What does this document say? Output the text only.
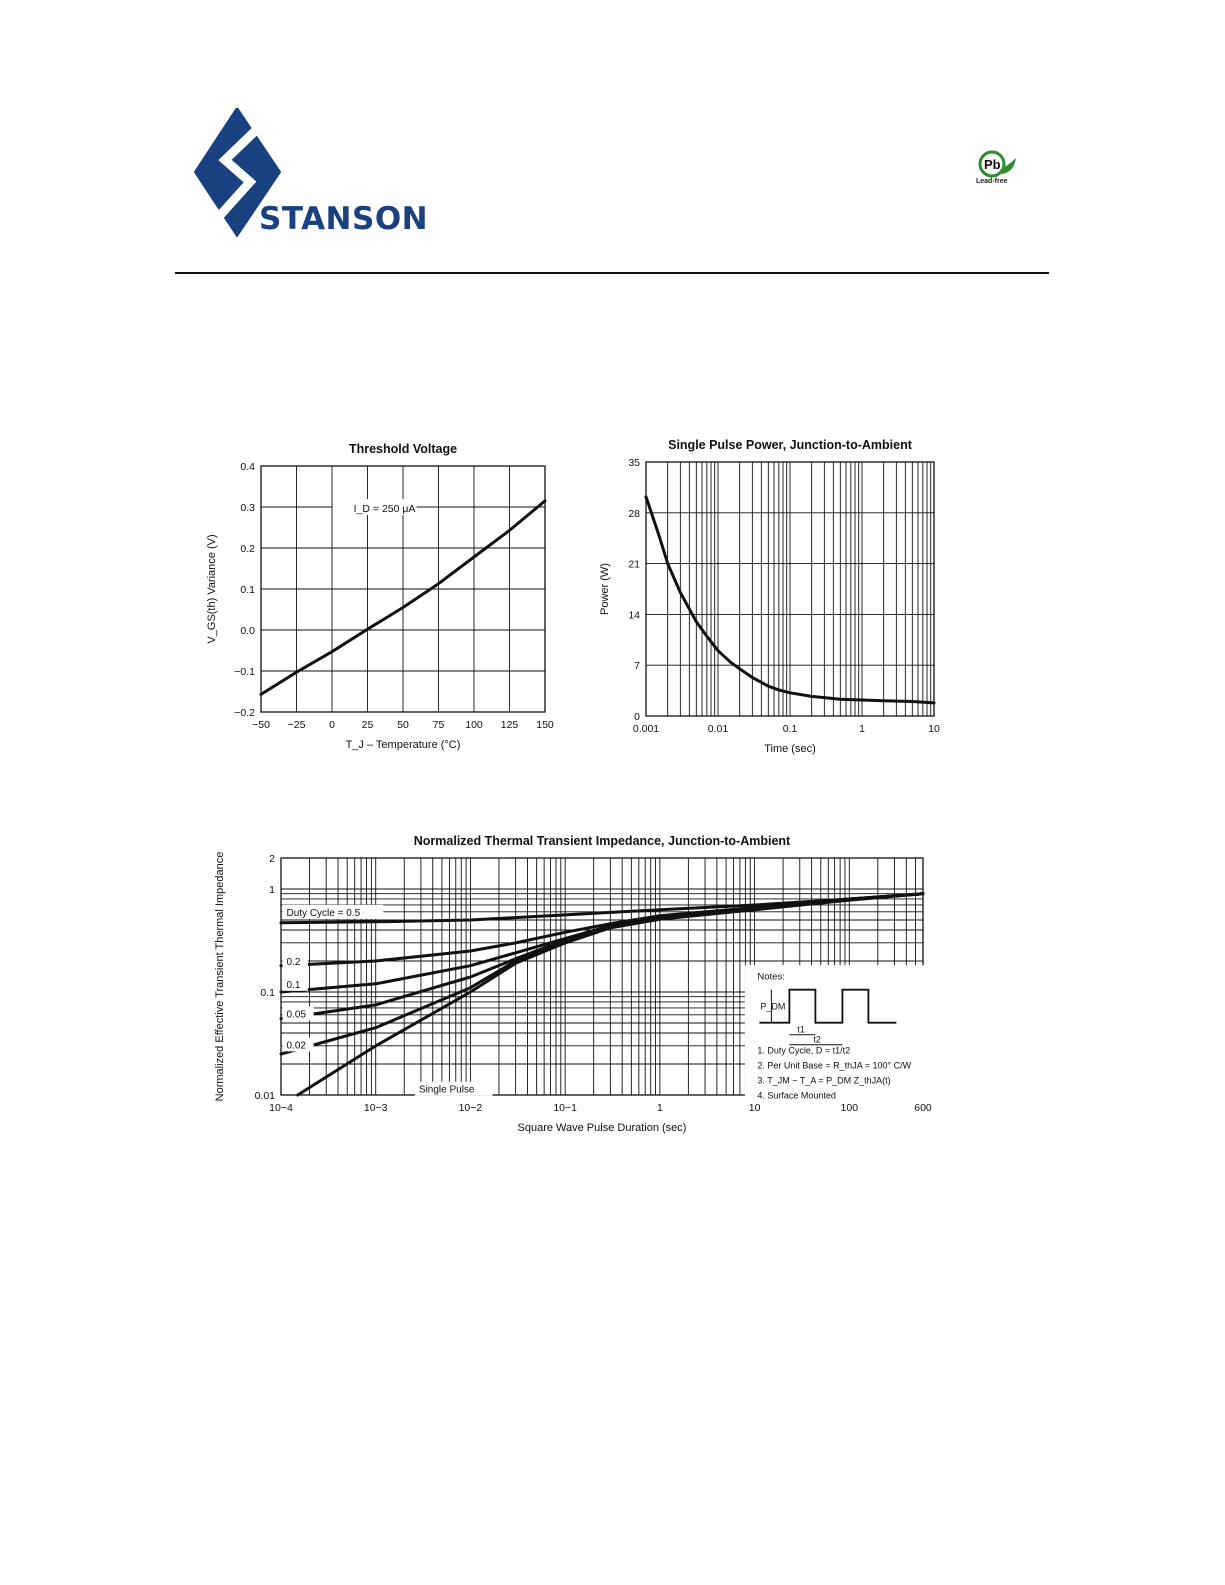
STANSON
Pb
Lead-free
Threshold Voltage
−50 −25 0	25 50 75 100 125 150
−0.2
−0.1
0.0
0.1
0.2
0.3
0.4
T_J – Temperature (°C)
V_GS(th) Variance (V)
I_D = 250 μA
Single Pulse Power, Junction-to-Ambient
0.001	0.01	0.1	1	10
0
7
14
21
28
35
Time (sec)
Power (W)
Normalized Thermal Transient Impedance, Junction-to-Ambient
10−4	10−3	10−2	10−1	1	10	100	600
0.01
0.1
1
2
Square Wave Pulse Duration (sec)
Normalized Effective Transient Thermal Impedance	Duty Cycle = 0.5
0.2
0.1
0.05
0.02
Single Pulse
Notes:
P_DM
t1
t2
1. Duty Cycle, D = t1/t2
2. Per Unit Base = R_thJA = 100° C/W
3. T_JM − T_A = P_DM Z_thJA(t)
4. Surface Mounted
